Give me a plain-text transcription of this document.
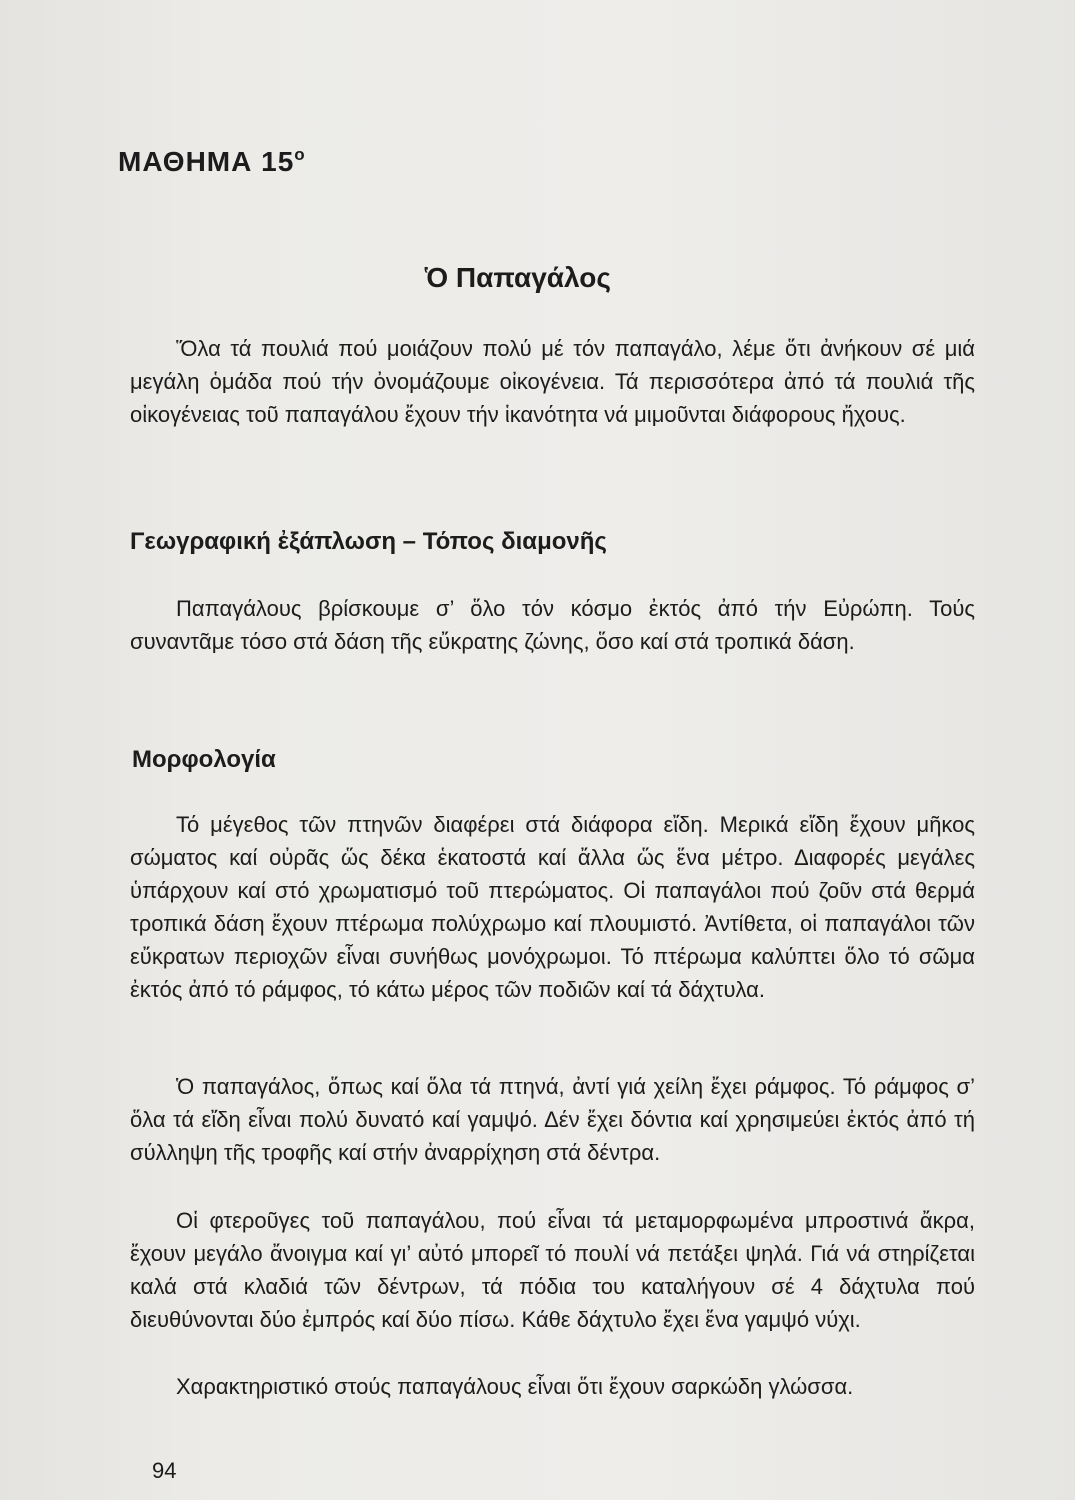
ΜΑΘΗΜΑ $15^o$
Ὁ Παπαγάλος

Ὅλα τά πουλιά πού μοιάζουν πολύ μέ τόν παπαγάλο, λέμε ὅτι ἀνήκουν σέ μιά μεγάλη ὁμάδα πού τήν ὀνομάζουμε οἰκογένεια. Τά περισσότερα ἀπό τά πουλιά τῆς οἰκογένειας τοῦ παπαγάλου ἔχουν τήν ἱκανότητα νά μιμοῦνται διάφορους ἤχους.

Γεωγραφική ἐξάπλωση – Τόπος διαμονῆς

Παπαγάλους βρίσκουμε σ’ ὅλο τόν κόσμο ἐκτός ἀπό τήν Εὐρώπη. Τούς συναντᾶμε τόσο στά δάση τῆς εὔκρατης ζώνης, ὅσο καί στά τροπικά δάση.

Μορφολογία

Τό μέγεθος τῶν πτηνῶν διαφέρει στά διάφορα εἴδη. Μερικά εἴδη ἔχουν μῆκος σώματος καί οὐρᾶς ὥς δέκα ἑκατοστά καί ἄλλα ὥς ἕνα μέτρο. Διαφορές μεγάλες ὑπάρχουν καί στό χρωματισμό τοῦ πτερώματος. Οἱ παπαγάλοι πού ζοῦν στά θερμά τροπικά δάση ἔχουν πτέρωμα πολύχρωμο καί πλουμιστό. Ἀντίθετα, οἱ παπαγάλοι τῶν εὔκρατων περιοχῶν εἶναι συνήθως μονόχρωμοι. Τό πτέρωμα καλύπτει ὅλο τό σῶμα ἐκτός ἀπό τό ράμφος, τό κάτω μέρος τῶν ποδιῶν καί τά δάχτυλα.

Ὁ παπαγάλος, ὅπως καί ὅλα τά πτηνά, ἀντί γιά χείλη ἔχει ράμφος. Τό ράμφος σ’ ὅλα τά εἴδη εἶναι πολύ δυνατό καί γαμψό. Δέν ἔχει δόντια καί χρησιμεύει ἐκτός ἀπό τή σύλληψη τῆς τροφῆς καί στήν ἀναρρίχηση στά δέντρα.

Οἱ φτεροῦγες τοῦ παπαγάλου, πού εἶναι τά μεταμορφωμένα μπροστινά ἄκρα, ἔχουν μεγάλο ἄνοιγμα καί γι’ αὐτό μπορεῖ τό πουλί νά πετάξει ψηλά. Γιά νά στηρίζεται καλά στά κλαδιά τῶν δέντρων, τά πόδια του καταλήγουν σέ 4 δάχτυλα πού διευθύνονται δύο ἐμπρός καί δύο πίσω. Κάθε δάχτυλο ἔχει ἕνα γαμψό νύχι.

Χαρακτηριστικό στούς παπαγάλους εἶναι ὅτι ἔχουν σαρκώδη γλώσσα.

94
